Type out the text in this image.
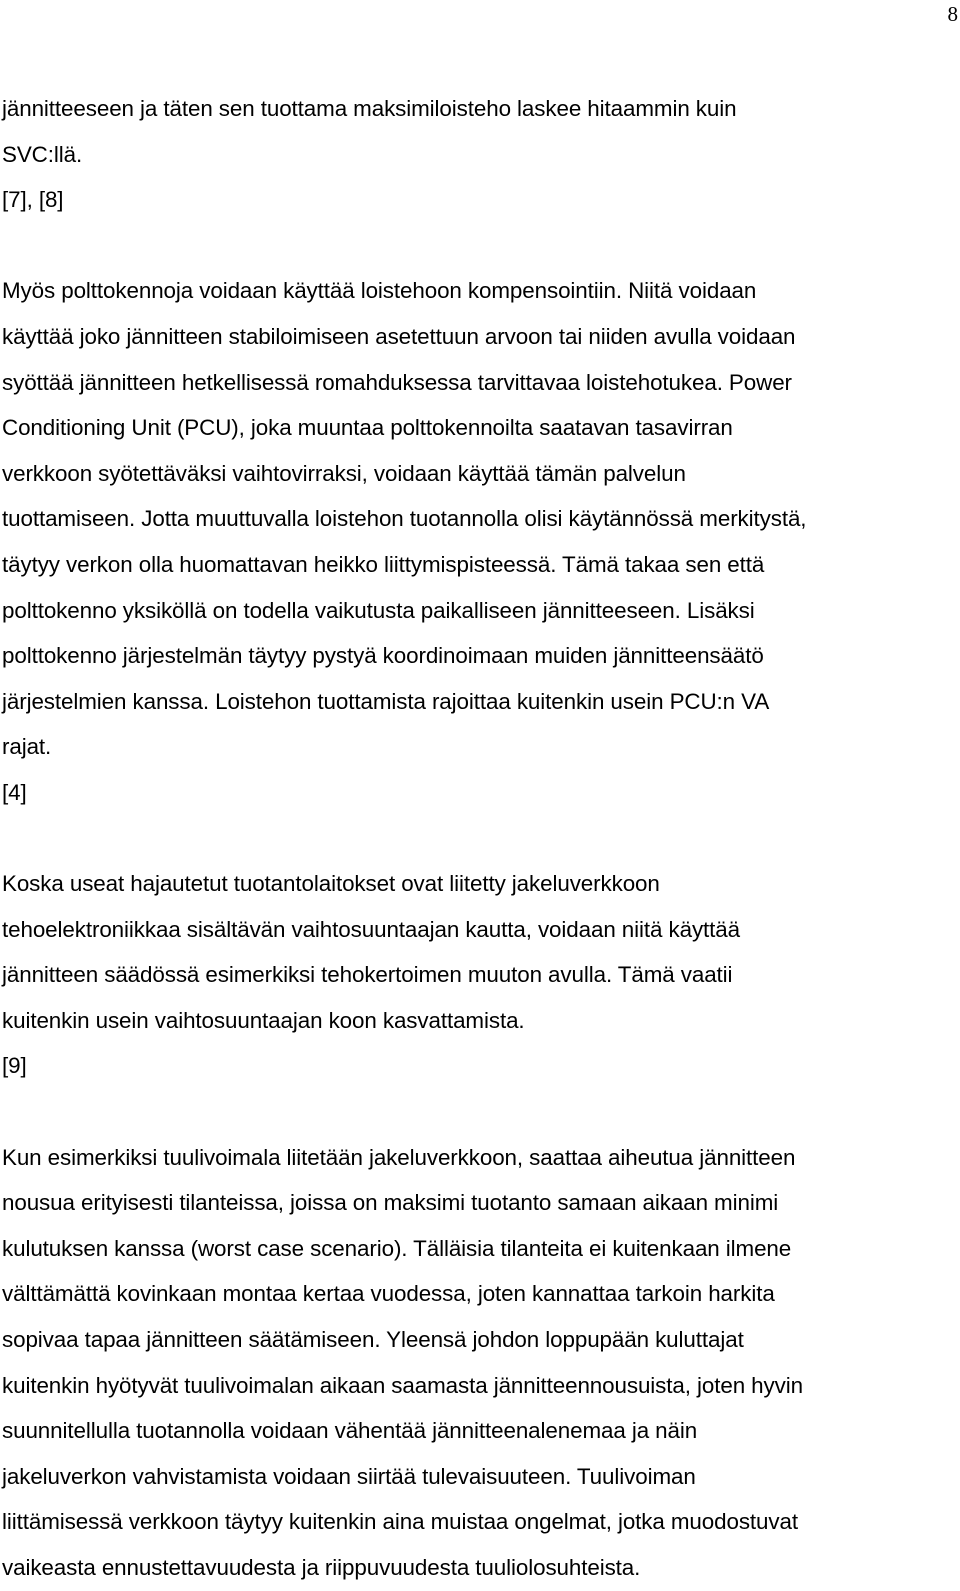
8
jännitteeseen ja täten sen tuottama maksimiloisteho laskee hitaammin kuin
SVC:llä.
[7], [8]
Myös polttokennoja voidaan käyttää loistehoon kompensointiin. Niitä voidaan
käyttää joko jännitteen stabiloimiseen asetettuun arvoon tai niiden avulla voidaan
syöttää jännitteen hetkellisessä romahduksessa tarvittavaa loistehotukea. Power
Conditioning Unit (PCU), joka muuntaa polttokennoilta saatavan tasavirran
verkkoon syötettäväksi vaihtovirraksi, voidaan käyttää tämän palvelun
tuottamiseen. Jotta muuttuvalla loistehon tuotannolla olisi käytännössä merkitystä,
täytyy verkon olla huomattavan heikko liittymispisteessä. Tämä takaa sen että
polttokenno yksiköllä on todella vaikutusta paikalliseen jännitteeseen. Lisäksi
polttokenno järjestelmän täytyy pystyä koordinoimaan muiden jännitteensäätö
järjestelmien kanssa. Loistehon tuottamista rajoittaa kuitenkin usein PCU:n VA
rajat.
[4]
Koska useat hajautetut tuotantolaitokset ovat liitetty jakeluverkkoon
tehoelektroniikkaa sisältävän vaihtosuuntaajan kautta, voidaan niitä käyttää
jännitteen säädössä esimerkiksi tehokertoimen muuton avulla. Tämä vaatii
kuitenkin usein vaihtosuuntaajan koon kasvattamista.
[9]
Kun esimerkiksi tuulivoimala liitetään jakeluverkkoon, saattaa aiheutua jännitteen
nousua erityisesti tilanteissa, joissa on maksimi tuotanto samaan aikaan minimi
kulutuksen kanssa (worst case scenario). Tälläisia tilanteita ei kuitenkaan ilmene
välttämättä kovinkaan montaa kertaa vuodessa, joten kannattaa tarkoin harkita
sopivaa tapaa jännitteen säätämiseen. Yleensä johdon loppupään kuluttajat
kuitenkin hyötyvät tuulivoimalan aikaan saamasta jännitteennousuista, joten hyvin
suunnitellulla tuotannolla voidaan vähentää jännitteenalenemaa ja näin
jakeluverkon vahvistamista voidaan siirtää tulevaisuuteen. Tuulivoiman
liittämisessä verkkoon täytyy kuitenkin aina muistaa ongelmat, jotka muodostuvat
vaikeasta ennustettavuudesta ja riippuvuudesta tuuliolosuhteista.
